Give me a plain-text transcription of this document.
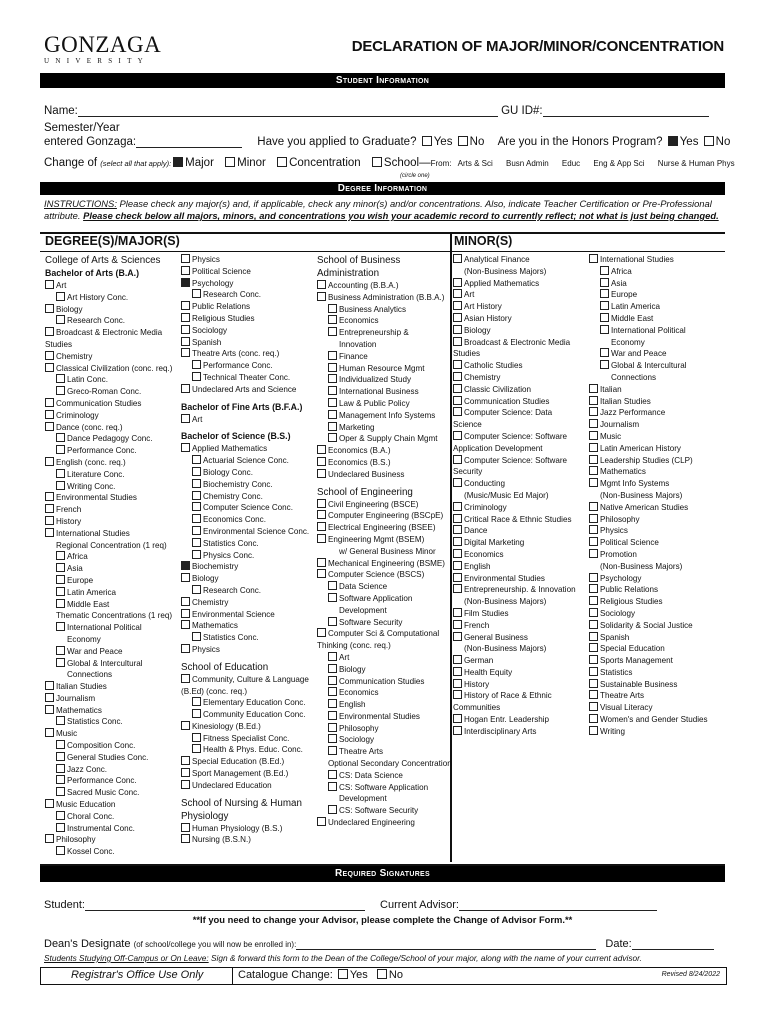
GONZAGA
UNIVERSITY
DECLARATION OF MAJOR/MINOR/CONCENTRATION
Student Information
Name:	GU ID#:
Semester/Year
entered Gonzaga:	Have you applied to Graduate? Yes No Are you in the Honors Program? Yes No
Change of (select all that apply): Major Minor Concentration School—From: Arts & Sci Busn Admin Educ Eng & App Sci Nurse & Human Phys
(circle one)
Degree Information
INSTRUCTIONS: Please check any major(s) and, if applicable, check any minor(s) and/or concentrations. Also, indicate Teacher Certification or Pre-Professional attribute. Please check below all majors, minors, and concentrations you wish your academic record to currently reflect; not what is just being changed.
DEGREE(S)/MAJOR(S)	MINOR(S)
College of Arts & Sciences
Bachelor of Arts (B.A.)
Art
Art History Conc.
Biology
Research Conc.
Broadcast & Electronic Media
Studies
Chemistry
Classical Civilization (conc. req.)
Latin Conc.
Greco-Roman Conc.
Communication Studies
Criminology
Dance (conc. req.)
Dance Pedagogy Conc.
Performance Conc.
English (conc. req.)
Literature Conc.
Writing Conc.
Environmental Studies
French
History
International Studies
Regional Concentration (1 req)
Africa
Asia
Europe
Latin America
Middle East
Thematic Concentrations (1 req)
International Political
Economy
War and Peace
Global & Intercultural
Connections
Italian Studies
Journalism
Mathematics
Statistics Conc.
Music
Composition Conc.
General Studies Conc.
Jazz Conc.
Performance Conc.
Sacred Music Conc.
Music Education
Choral Conc.
Instrumental Conc.
Philosophy
Kossel Conc.
Physics
Political Science
Psychology
Research Conc.
Public Relations
Religious Studies
Sociology
Spanish
Theatre Arts (conc. req.)
Performance Conc.
Technical Theater Conc.
Undeclared Arts and Science
Bachelor of Fine Arts (B.F.A.)
Art
Bachelor of Science (B.S.)
Applied Mathematics
Actuarial Science Conc.
Biology Conc.
Biochemistry Conc.
Chemistry Conc.
Computer Science Conc.
Economics Conc.
Environmental Science Conc.
Statistics Conc.
Physics Conc.
Biochemistry
Biology
Research Conc.
Chemistry
Environmental Science
Mathematics
Statistics Conc.
Physics
School of Education
Community, Culture & Language
(B.Ed) (conc. req.)
Elementary Education Conc.
Community Education Conc.
Kinesiology (B.Ed.)
Fitness Specialist Conc.
Health & Phys. Educ. Conc.
Special Education (B.Ed.)
Sport Management (B.Ed.)
Undeclared Education
School of Nursing & Human
Physiology
Human Physiology (B.S.)
Nursing (B.S.N.)
School of Business
Administration
Accounting (B.B.A.)
Business Administration (B.B.A.)
Business Analytics
Economics
Entrepreneurship &
Innovation
Finance
Human Resource Mgmt
Individualized Study
International Business
Law & Public Policy
Management Info Systems
Marketing
Oper & Supply Chain Mgmt
Economics (B.A.)
Economics (B.S.)
Undeclared Business
School of Engineering
Civil Engineering (BSCE)
Computer Engineering (BSCpE)
Electrical Engineering (BSEE)
Engineering Mgmt (BSEM)
w/ General Business Minor
Mechanical Engineering (BSME)
Computer Science (BSCS)
Data Science
Software Application
Development
Software Security
Computer Sci & Computational
Thinking (conc. req.)
Art
Biology
Communication Studies
Economics
English
Environmental Studies
Philosophy
Sociology
Theatre Arts
Optional Secondary Concentration
CS: Data Science
CS: Software Application
Development
CS: Software Security
Undeclared Engineering
Analytical Finance
(Non-Business Majors)
Applied Mathematics
Art
Art History
Asian History
Biology
Broadcast & Electronic Media
Studies
Catholic Studies
Chemistry
Classic Civilization
Communication Studies
Computer Science: Data
Science
Computer Science: Software
Application Development
Computer Science: Software
Security
Conducting
(Music/Music Ed Major)
Criminology
Critical Race & Ethnic Studies
Dance
Digital Marketing
Economics
English
Environmental Studies
Entrepreneurship. & Innovation
(Non-Business Majors)
Film Studies
French
General Business
(Non-Business Majors)
German
Health Equity
History
History of Race & Ethnic
Communities
Hogan Entr. Leadership
Interdisciplinary Arts
International Studies
Africa
Asia
Europe
Latin America
Middle East
International Political
Economy
War and Peace
Global & Intercultural
Connections
Italian
Italian Studies
Jazz Performance
Journalism
Music
Latin American History
Leadership Studies (CLP)
Mathematics
Mgmt Info Systems
(Non-Business Majors)
Native American Studies
Philosophy
Physics
Political Science
Promotion
(Non-Business Majors)
Psychology
Public Relations
Religious Studies
Sociology
Solidarity & Social Justice
Spanish
Special Education
Sports Management
Statistics
Sustainable Business
Theatre Arts
Visual Literacy
Women's and Gender Studies
Writing
Required Signatures
Student:	Current Advisor:
**If you need to change your Advisor, please complete the Change of Advisor Form.**
Dean's Designate (of school/college you will now be enrolled in):	Date:
Students Studying Off-Campus or On Leave: Sign & forward this form to the Dean of the College/School of your major, along with the name of your current advisor.
Registrar's Office Use Only	Catalogue Change: Yes No	Revised 8/24/2022
